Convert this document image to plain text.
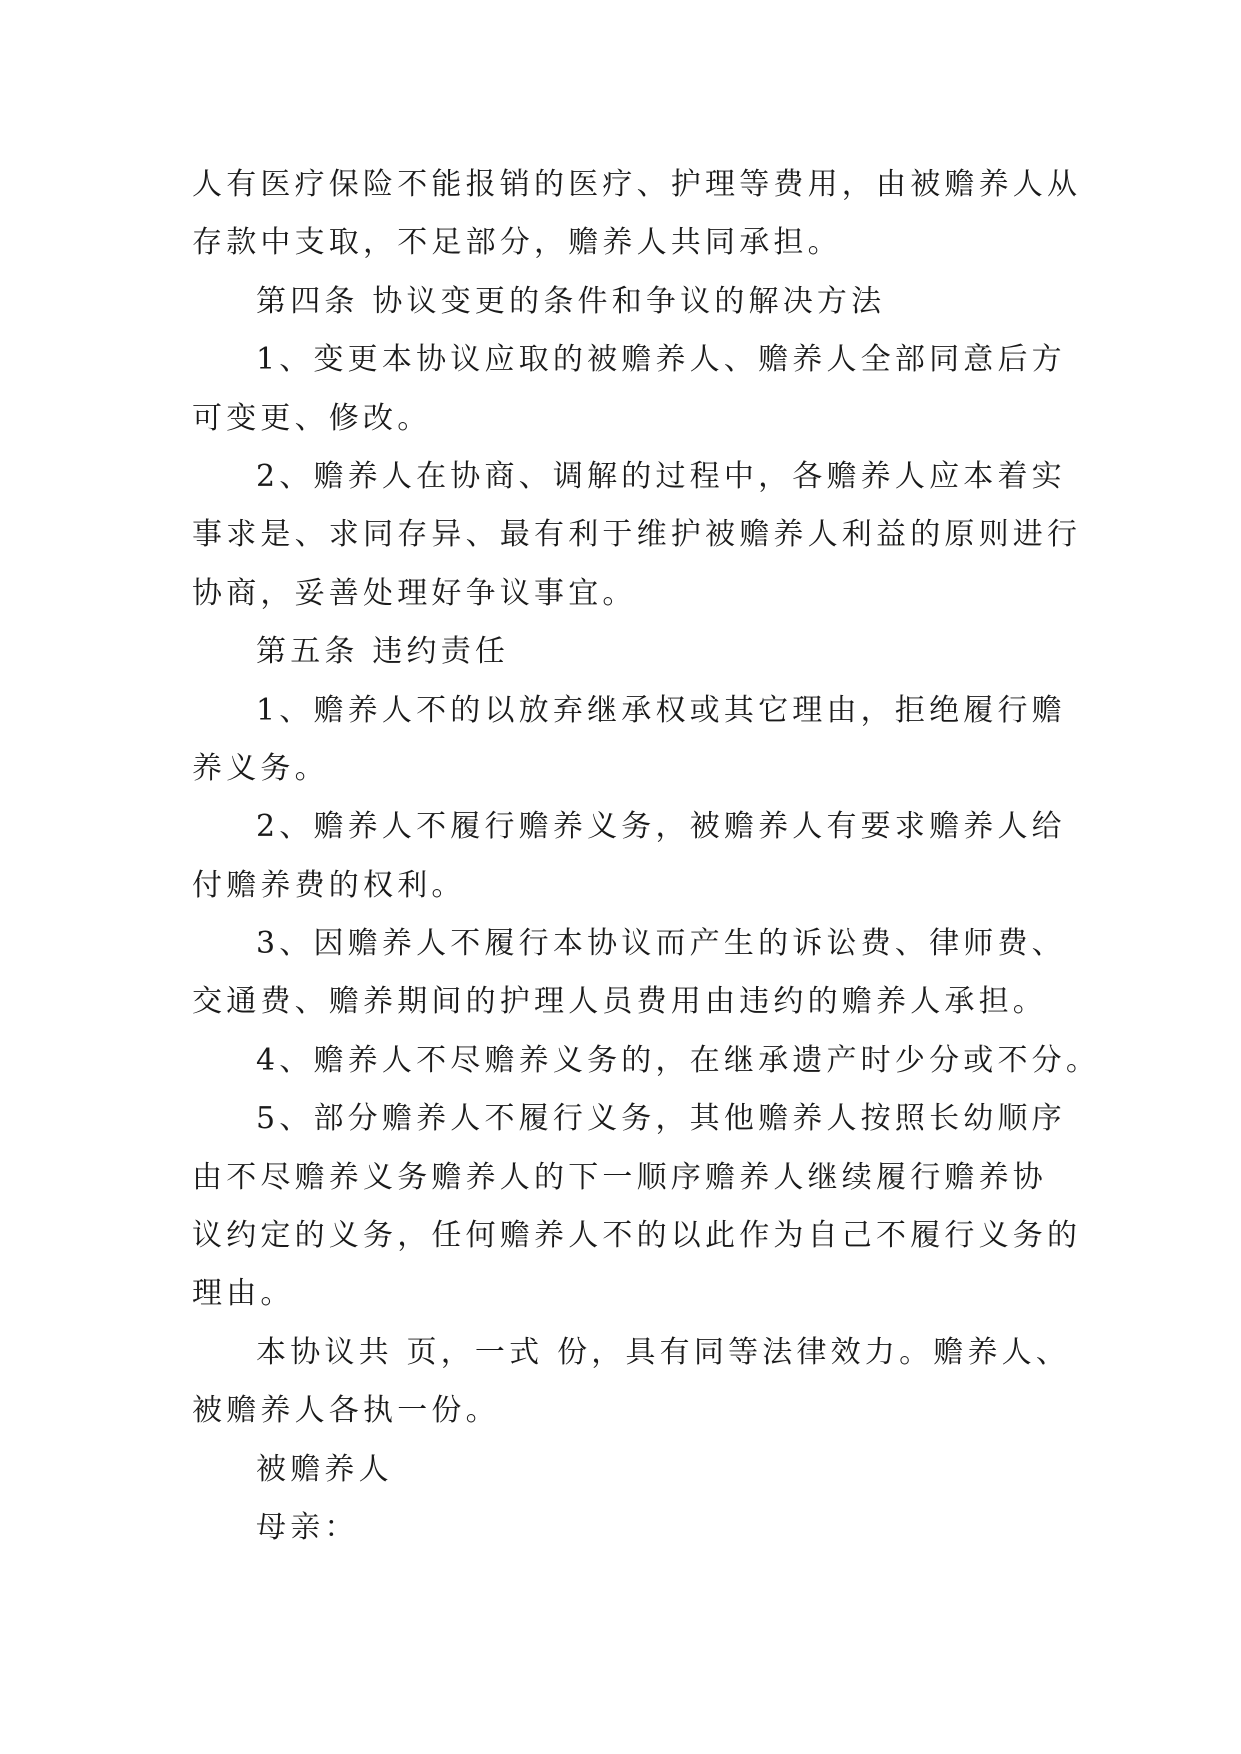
人有医疗保险不能报销的医疗、护理等费用，由被赡养人从
存款中支取，不足部分，赡养人共同承担。
第四条 协议变更的条件和争议的解决方法
1、变更本协议应取的被赡养人、赡养人全部同意后方
可变更、修改。
2、赡养人在协商、调解的过程中，各赡养人应本着实
事求是、求同存异、最有利于维护被赡养人利益的原则进行
协商，妥善处理好争议事宜。
第五条 违约责任
1、赡养人不的以放弃继承权或其它理由，拒绝履行赡
养义务。
2、赡养人不履行赡养义务，被赡养人有要求赡养人给
付赡养费的权利。
3、因赡养人不履行本协议而产生的诉讼费、律师费、
交通费、赡养期间的护理人员费用由违约的赡养人承担。
4、赡养人不尽赡养义务的，在继承遗产时少分或不分。
5、部分赡养人不履行义务，其他赡养人按照长幼顺序
由不尽赡养义务赡养人的下一顺序赡养人继续履行赡养协
议约定的义务，任何赡养人不的以此作为自己不履行义务的
理由。
本协议共 页，一式 份，具有同等法律效力。赡养人、
被赡养人各执一份。
被赡养人
母亲：
